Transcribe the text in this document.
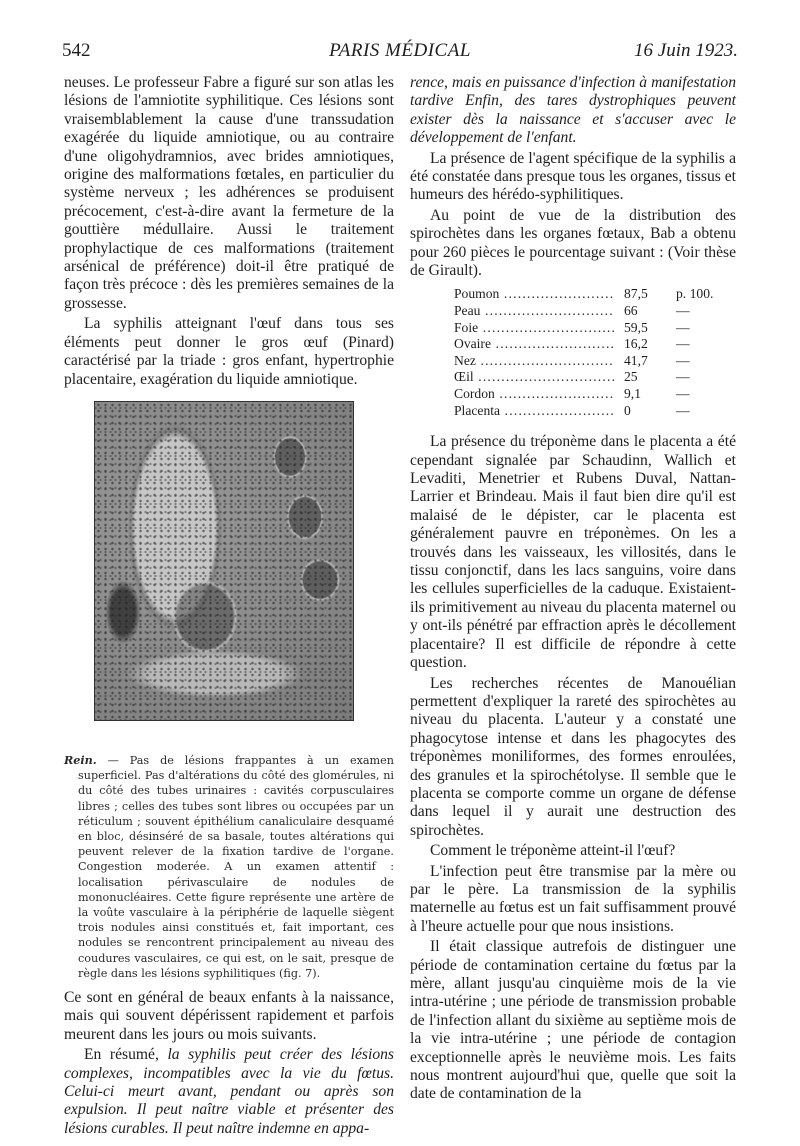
542	PARIS MÉDICAL	16 Juin 1923.

neuses. Le professeur Fabre a figuré sur son atlas les lésions de l'amniotite syphilitique. Ces lésions sont vraisemblablement la cause d'une transsudation exagérée du liquide amniotique, ou au contraire d'une oligohydramnios, avec brides amniotiques, origine des malformations fœtales, en particulier du système nerveux ; les adhérences se produisent précocement, c'est-à-dire avant la fermeture de la gouttière médullaire. Aussi le traitement prophylactique de ces malformations (traitement arsénical de préférence) doit-il être pratiqué de façon très précoce : dès les premières semaines de la grossesse.

La syphilis atteignant l'œuf dans tous ses éléments peut donner le gros œuf (Pinard) caractérisé par la triade : gros enfant, hypertrophie placentaire, exagération du liquide amniotique.

Rein. — Pas de lésions frappantes à un examen superficiel. Pas d'altérations du côté des glomérules, ni du côté des tubes urinaires : cavités corpusculaires libres ; celles des tubes sont libres ou occupées par un réticulum ; souvent épithélium canaliculaire desquamé en bloc, désinséré de sa basale, toutes altérations qui peuvent relever de la fixation tardive de l'organe. Congestion moderée. A un examen attentif : localisation périvasculaire de nodules de mononucléaires. Cette figure représente une artère de la voûte vasculaire à la périphérie de laquelle siègent trois nodules ainsi constitués et, fait important, ces nodules se rencontrent principalement au niveau des coudures vasculaires, ce qui est, on le sait, presque de règle dans les lésions syphilitiques (fig. 7).

Ce sont en général de beaux enfants à la naissance, mais qui souvent dépérissent rapidement et parfois meurent dans les jours ou mois suivants.

En résumé, la syphilis peut créer des lésions complexes, incompatibles avec la vie du fœtus. Celui-ci meurt avant, pendant ou après son expulsion. Il peut naître viable et présenter des lésions curables. Il peut naître indemne en appa-

rence, mais en puissance d'infection à manifestation tardive Enfin, des tares dystrophiques peuvent exister dès la naissance et s'accuser avec le développement de l'enfant.

La présence de l'agent spécifique de la syphilis a été constatée dans presque tous les organes, tissus et humeurs des hérédo-syphilitiques.

Au point de vue de la distribution des spirochètes dans les organes fœtaux, Bab a obtenu pour 260 pièces le pourcentage suivant : (Voir thèse de Girault).

Poumon .....	87,5	p. 100.
Peau .....	66	—
Foie .....	59,5	—
Ovaire .....	16,2	—
Nez .....	41,7	—
Œil .....	25	—
Cordon .....	9,1	—
Placenta .....	0	—

La présence du tréponème dans le placenta a été cependant signalée par Schaudinn, Wallich et Levaditi, Menetrier et Rubens Duval, Nattan-Larrier et Brindeau. Mais il faut bien dire qu'il est malaisé de le dépister, car le placenta est généralement pauvre en tréponèmes. On les a trouvés dans les vaisseaux, les villosités, dans le tissu conjonctif, dans les lacs sanguins, voire dans les cellules superficielles de la caduque. Existaient-ils primitivement au niveau du placenta maternel ou y ont-ils pénétré par effraction après le décollement placentaire? Il est difficile de répondre à cette question.

Les recherches récentes de Manouélian permettent d'expliquer la rareté des spirochètes au niveau du placenta. L'auteur y a constaté une phagocytose intense et dans les phagocytes des tréponèmes moniliformes, des formes enroulées, des granules et la spirochétolyse. Il semble que le placenta se comporte comme un organe de défense dans lequel il y aurait une destruction des spirochètes.

Comment le tréponème atteint-il l'œuf?

L'infection peut être transmise par la mère ou par le père. La transmission de la syphilis maternelle au fœtus est un fait suffisamment prouvé à l'heure actuelle pour que nous insistions.

Il était classique autrefois de distinguer une période de contamination certaine du fœtus par la mère, allant jusqu'au cinquième mois de la vie intra-utérine ; une période de transmission probable de l'infection allant du sixième au septième mois de la vie intra-utérine ; une période de contagion exceptionnelle après le neuvième mois. Les faits nous montrent aujourd'hui que, quelle que soit la date de contamination de la
